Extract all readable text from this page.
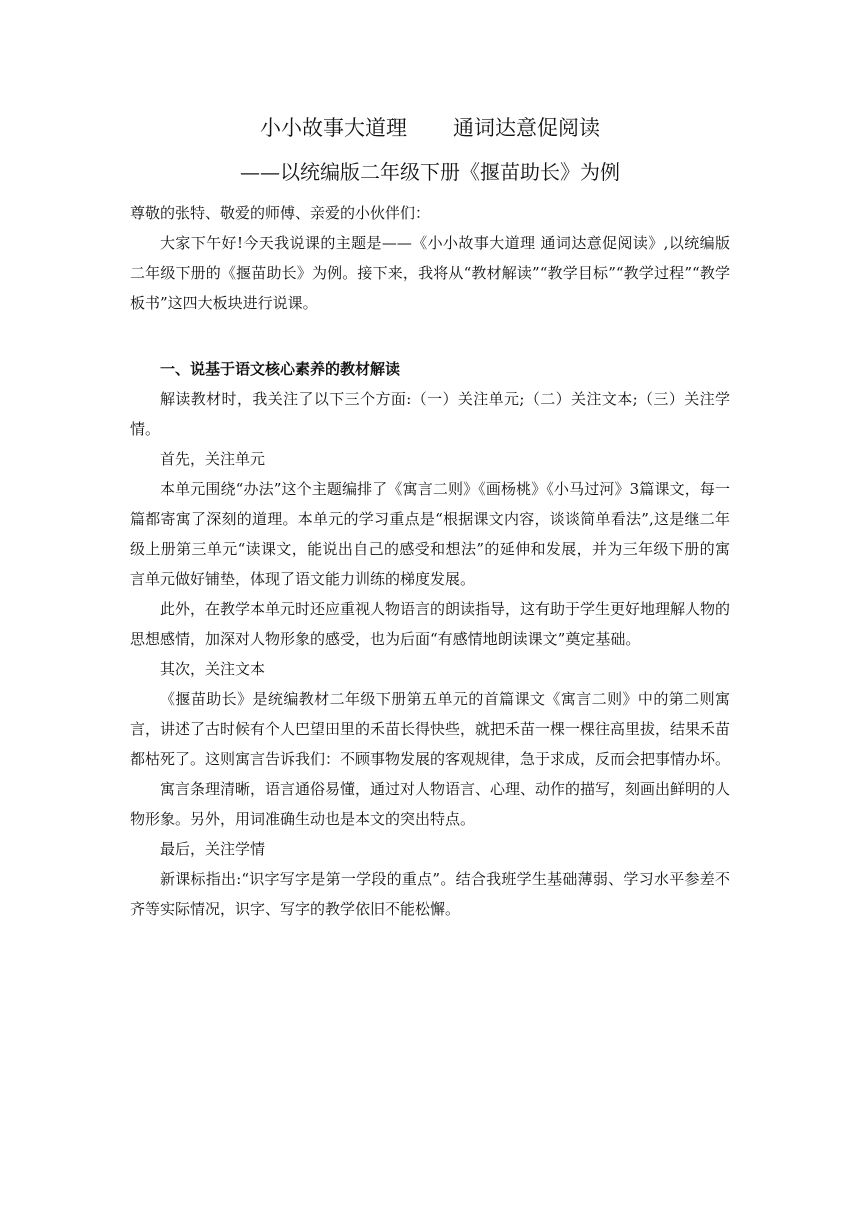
小小故事大道理 通词达意促阅读
——以统编版二年级下册《揠苗助长》为例

尊敬的张特、敬爱的师傅、亲爱的小伙伴们：

大家下午好!今天我说课的主题是——《小小故事大道理 通词达意促阅读》,以统编版二年级下册的《揠苗助长》为例。接下来，我将从“教材解读”“教学目标”“教学过程”“教学板书”这四大板块进行说课。

一、说基于语文核心素养的教材解读

解读教材时，我关注了以下三个方面:（一）关注单元;（二）关注文本;（三）关注学情。

首先，关注单元

本单元围绕“办法”这个主题编排了《寓言二则》《画杨桃》《小马过河》3篇课文，每一篇都寄寓了深刻的道理。本单元的学习重点是“根据课文内容，谈谈简单看法”,这是继二年级上册第三单元“读课文，能说出自己的感受和想法”的延伸和发展，并为三年级下册的寓言单元做好铺垫，体现了语文能力训练的梯度发展。

此外，在教学本单元时还应重视人物语言的朗读指导，这有助于学生更好地理解人物的思想感情，加深对人物形象的感受，也为后面“有感情地朗读课文”奠定基础。

其次，关注文本

《揠苗助长》是统编教材二年级下册第五单元的首篇课文《寓言二则》中的第二则寓言，讲述了古时候有个人巴望田里的禾苗长得快些，就把禾苗一棵一棵往高里拔，结果禾苗都枯死了。这则寓言告诉我们：不顾事物发展的客观规律，急于求成，反而会把事情办坏。

寓言条理清晰，语言通俗易懂，通过对人物语言、心理、动作的描写，刻画出鲜明的人物形象。另外，用词准确生动也是本文的突出特点。

最后，关注学情

新课标指出:“识字写字是第一学段的重点”。结合我班学生基础薄弱、学习水平参差不齐等实际情况，识字、写字的教学依旧不能松懈。
